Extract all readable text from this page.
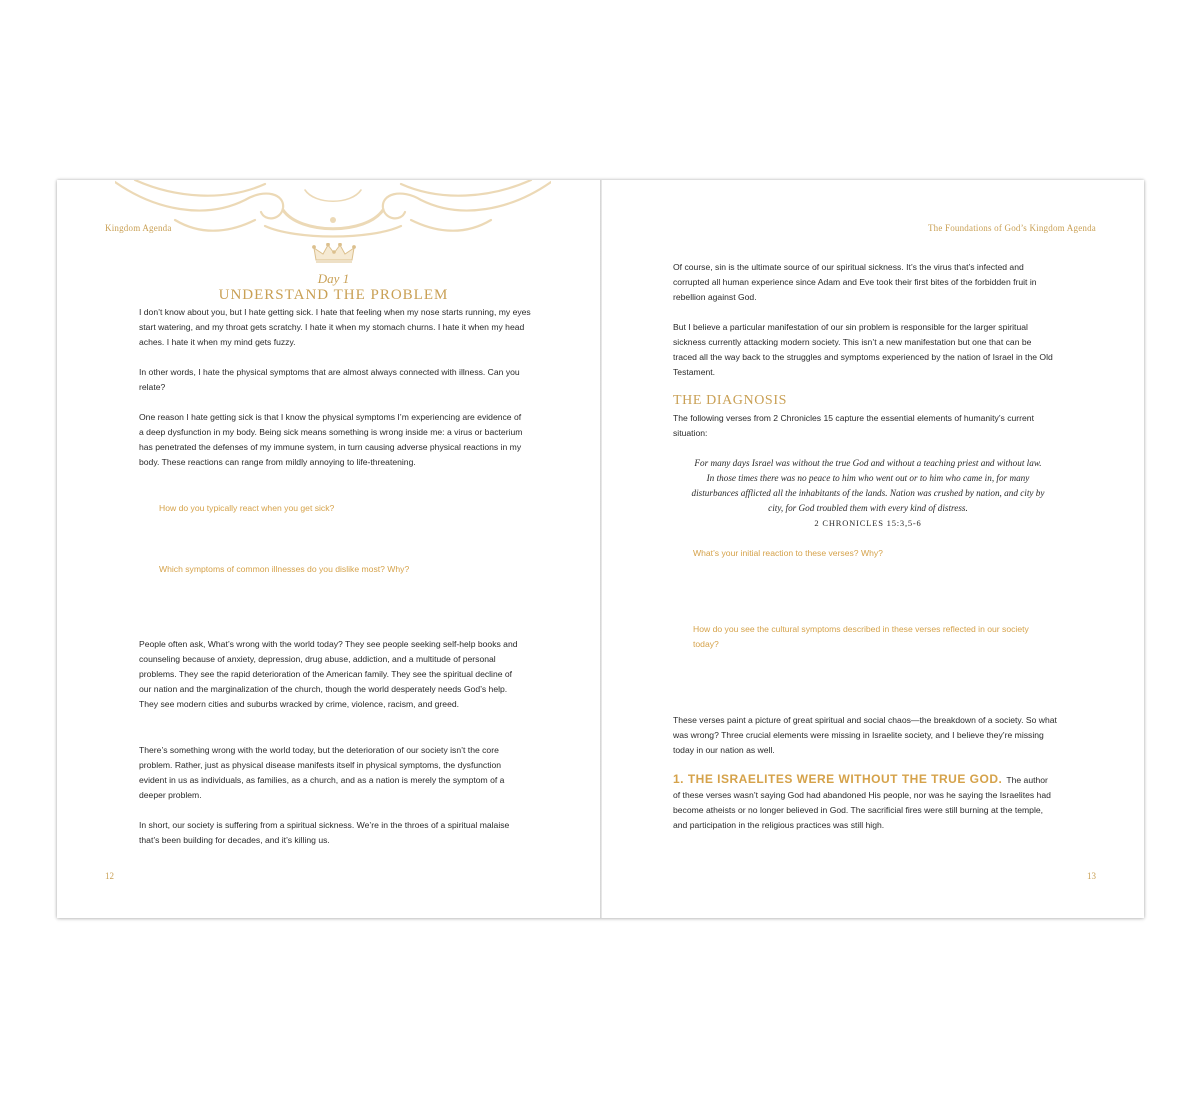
Kingdom Agenda
Day 1
UNDERSTAND THE PROBLEM

I don’t know about you, but I hate getting sick. I hate that feeling when my nose starts running, my eyes start watering, and my throat gets scratchy. I hate it when my stomach churns. I hate it when my head aches. I hate it when my mind gets fuzzy.

In other words, I hate the physical symptoms that are almost always connected with illness. Can you relate?

One reason I hate getting sick is that I know the physical symptoms I’m experiencing are evidence of a deep dysfunction in my body. Being sick means something is wrong inside me: a virus or bacterium has penetrated the defenses of my immune system, in turn causing adverse physical reactions in my body. These reactions can range from mildly annoying to life-threatening.

How do you typically react when you get sick?

Which symptoms of common illnesses do you dislike most? Why?

People often ask, What’s wrong with the world today? They see people seeking self-help books and counseling because of anxiety, depression, drug abuse, addiction, and a multitude of personal problems. They see the rapid deterioration of the American family. They see the spiritual decline of our nation and the marginalization of the church, though the world desperately needs God’s help. They see modern cities and suburbs wracked by crime, violence, racism, and greed.

There’s something wrong with the world today, but the deterioration of our society isn’t the core problem. Rather, just as physical disease manifests itself in physical symptoms, the dysfunction evident in us as individuals, as families, as a church, and as a nation is merely the symptom of a deeper problem.

In short, our society is suffering from a spiritual sickness. We’re in the throes of a spiritual malaise that’s been building for decades, and it’s killing us.

12
The Foundations of God’s Kingdom Agenda

Of course, sin is the ultimate source of our spiritual sickness. It’s the virus that’s infected and corrupted all human experience since Adam and Eve took their first bites of the forbidden fruit in rebellion against God.

But I believe a particular manifestation of our sin problem is responsible for the larger spiritual sickness currently attacking modern society. This isn’t a new manifestation but one that can be traced all the way back to the struggles and symptoms experienced by the nation of Israel in the Old Testament.

THE DIAGNOSIS

The following verses from 2 Chronicles 15 capture the essential elements of humanity’s current situation:

For many days Israel was without the true God and without a teaching priest and without law. In those times there was no peace to him who went out or to him who came in, for many disturbances afflicted all the inhabitants of the lands. Nation was crushed by nation, and city by city, for God troubled them with every kind of distress.
2 CHRONICLES 15:3,5-6

What’s your initial reaction to these verses? Why?

How do you see the cultural symptoms described in these verses reflected in our society today?

These verses paint a picture of great spiritual and social chaos—the breakdown of a society. So what was wrong? Three crucial elements were missing in Israelite society, and I believe they’re missing today in our nation as well.

1. THE ISRAELITES WERE WITHOUT THE TRUE GOD. The author of these verses wasn’t saying God had abandoned His people, nor was he saying the Israelites had become atheists or no longer believed in God. The sacrificial fires were still burning at the temple, and participation in the religious practices was still high.

13
